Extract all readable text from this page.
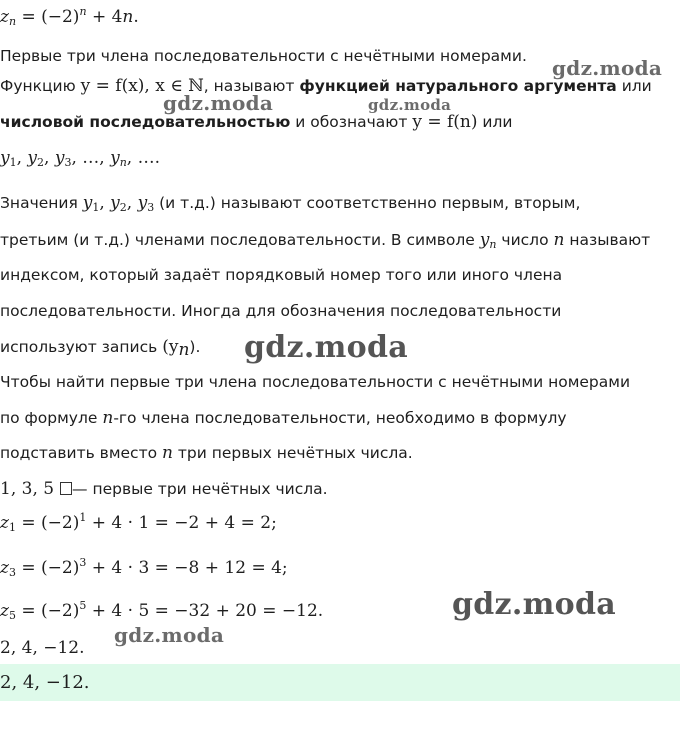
$z_n = (-2)^n + 4n$.
Первые три члена последовательности с нечётными номерами.
Функцию y = f(x), x ∈ ℕ, называют функцией натурального аргумента или
числовой последовательностью и обозначают y = f(n) или
$y_1$, $y_2$, $y_3$, …, $y_n$, ….
Значения $y_1$, $y_2$, $y_3$ (и т.д.) называют соответственно первым, вторым,
третьим (и т.д.) членами последовательности. В символе $y_n$ число n называют
индексом, который задаёт порядковый номер того или иного члена
последовательности. Иногда для обозначения последовательности
используют запись $(y_n)$.
Чтобы найти первые три члена последовательности с нечётными номерами
по формуле n-го члена последовательности, необходимо в формулу
подставить вместо n три первых нечётных числа.
1, 3, 5 — первые три нечётных числа.
$z_1 = (-2)^1 + 4 \cdot 1 = -2 + 4 = 2$;
$z_3 = (-2)^3 + 4 \cdot 3 = -8 + 12 = 4$;
$z_5 = (-2)^5 + 4 \cdot 5 = -32 + 20 = -12$.
2, 4, −12.
2, 4, −12.
gdz.moda
gdz.moda	gdz.moda
gdz.moda
gdz.moda
gdz.moda
